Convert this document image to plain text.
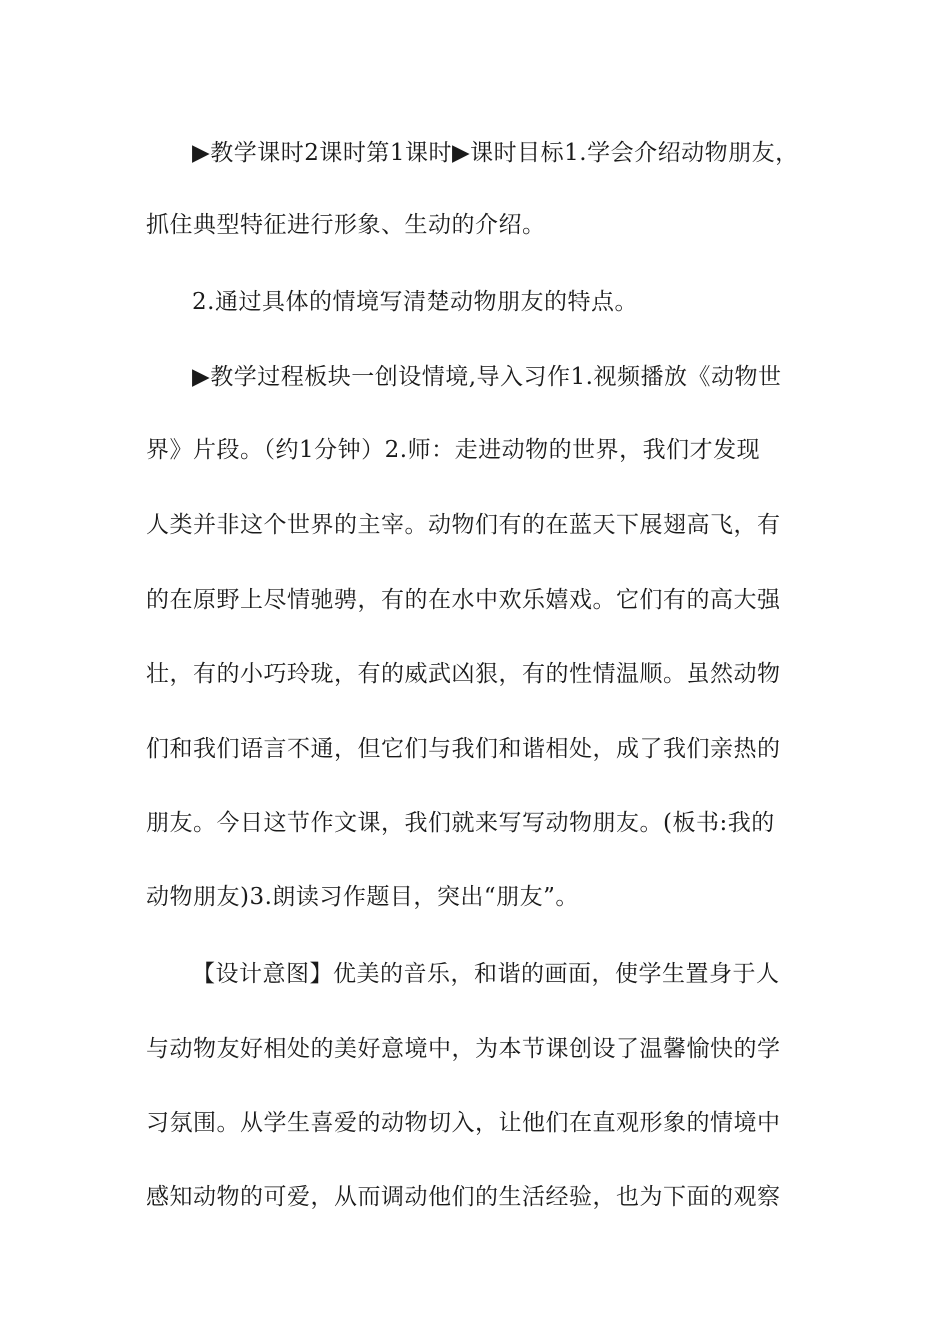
▶教学课时2课时第1课时▶课时目标1.学会介绍动物朋友，
抓住典型特征进行形象、生动的介绍。
2.通过具体的情境写清楚动物朋友的特点。
▶教学过程板块一创设情境,导入习作1.视频播放《动物世
界》片段。（约1分钟）2.师：走进动物的世界，我们才发现
人类并非这个世界的主宰。动物们有的在蓝天下展翅高飞，有
的在原野上尽情驰骋，有的在水中欢乐嬉戏。它们有的高大强
壮，有的小巧玲珑，有的威武凶狠，有的性情温顺。虽然动物
们和我们语言不通，但它们与我们和谐相处，成了我们亲热的
朋友。今日这节作文课，我们就来写写动物朋友。(板书:我的
动物朋友)3.朗读习作题目，突出“朋友”。
【设计意图】优美的音乐，和谐的画面，使学生置身于人
与动物友好相处的美好意境中，为本节课创设了温馨愉快的学
习氛围。从学生喜爱的动物切入，让他们在直观形象的情境中
感知动物的可爱，从而调动他们的生活经验，也为下面的观察
